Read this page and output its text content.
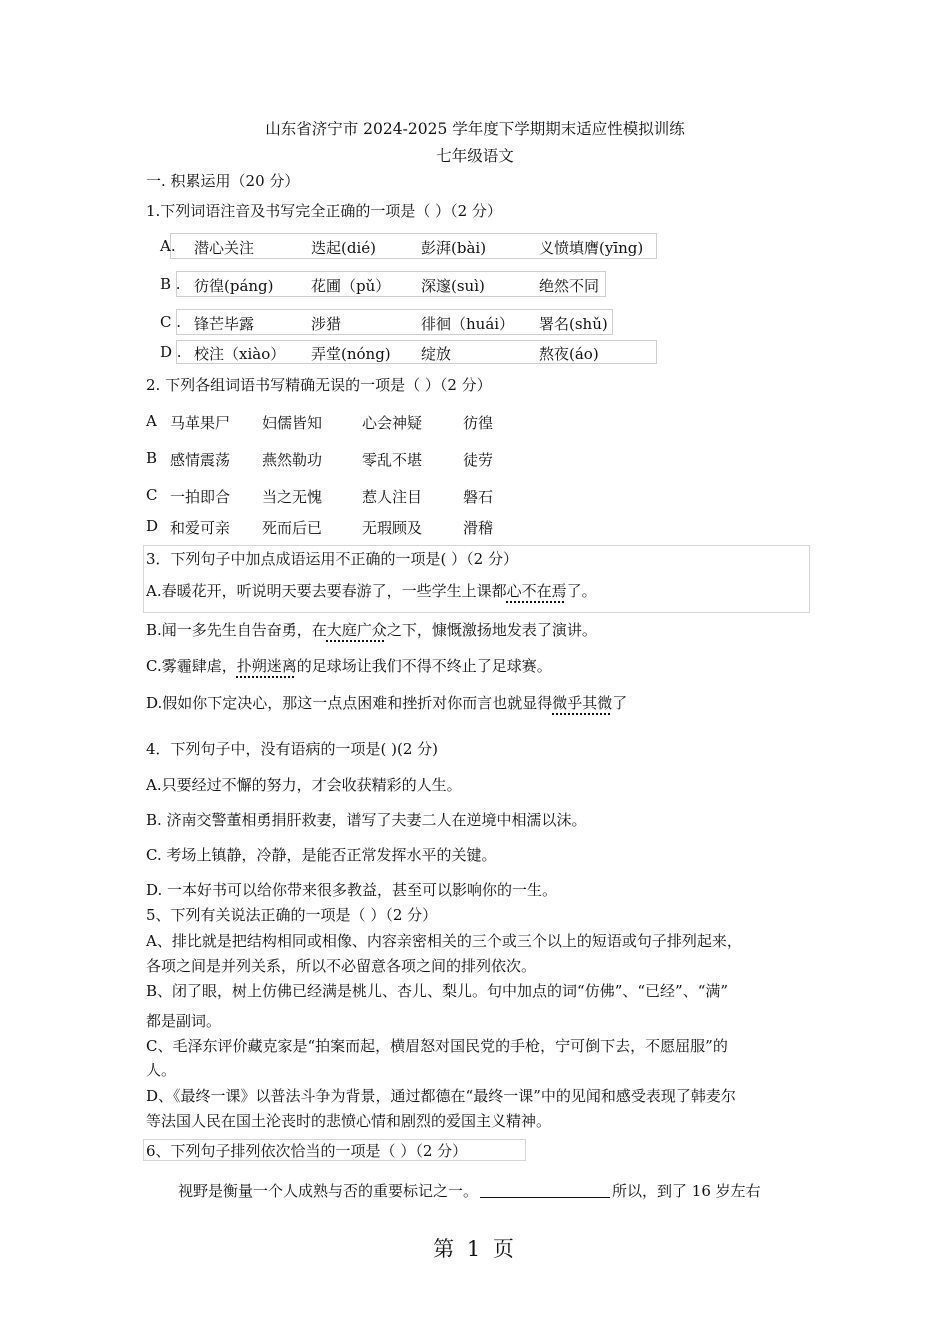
山东省济宁市 2024-2025 学年度下学期期末适应性模拟训练
七年级语文
一. 积累运用（20 分）
1.下列词语注音及书写完全正确的一项是（ ）（2 分）
A. 潜心关注	迭起(dié)	彭湃(bài)	义愤填膺(yīng)
B . 彷徨(páng) 花圃（pǔ） 深邃(suì)	绝然不同
C . 锋芒毕露	涉猎	徘徊（huái） 署名(shǔ)
D . 校注（xiào） 弄堂(nóng) 绽放	熬夜(áo)
2. 下列各组词语书写精确无误的一项是（ ）（2 分）
A 马革果尸 妇儒皆知	心会神疑	彷徨
B 感情震荡 燕然勒功	零乱不堪	徒劳
C 一拍即合 当之无愧	惹人注目	磐石
D 和爱可亲 死而后已	无瑕顾及	滑稽
3．下列句子中加点成语运用不正确的一项是( ）（2 分）
A.春暖花开，听说明天要去要春游了，一些学生上课都心不在焉了。
B.闻一多先生自告奋勇，在大庭广众之下，慷慨激扬地发表了演讲。
C.雾霾肆虐，扑朔迷离的足球场让我们不得不终止了足球赛。
D.假如你下定决心，那这一点点困难和挫折对你而言也就显得微乎其微了
4．下列句子中，没有语病的一项是( )(2 分)
A.只要经过不懈的努力，才会收获精彩的人生。
B. 济南交警董相勇捐肝救妻，谱写了夫妻二人在逆境中相濡以沫。
C. 考场上镇静，冷静，是能否正常发挥水平的关键。
D. 一本好书可以给你带来很多教益，甚至可以影响你的一生。
5、下列有关说法正确的一项是（ ）（2 分）
A、排比就是把结构相同或相像、内容亲密相关的三个或三个以上的短语或句子排列起来，
各项之间是并列关系，所以不必留意各项之间的排列依次。
B、闭了眼，树上仿佛已经满是桃儿、杏儿、梨儿。句中加点的词“仿佛”、“已经”、“满”
都是副词。
C、毛泽东评价藏克家是“拍案而起，横眉怒对国民党的手枪，宁可倒下去，不愿屈服”的
人。
D、《最终一课》以普法斗争为背景，通过都德在“最终一课”中的见闻和感受表现了韩麦尔
等法国人民在国土沦丧时的悲愤心情和剧烈的爱国主义精神。
6、下列句子排列依次恰当的一项是（ ）（2 分）
视野是衡量一个人成熟与否的重要标记之一。	所以，到了 16 岁左右
第 1 页
